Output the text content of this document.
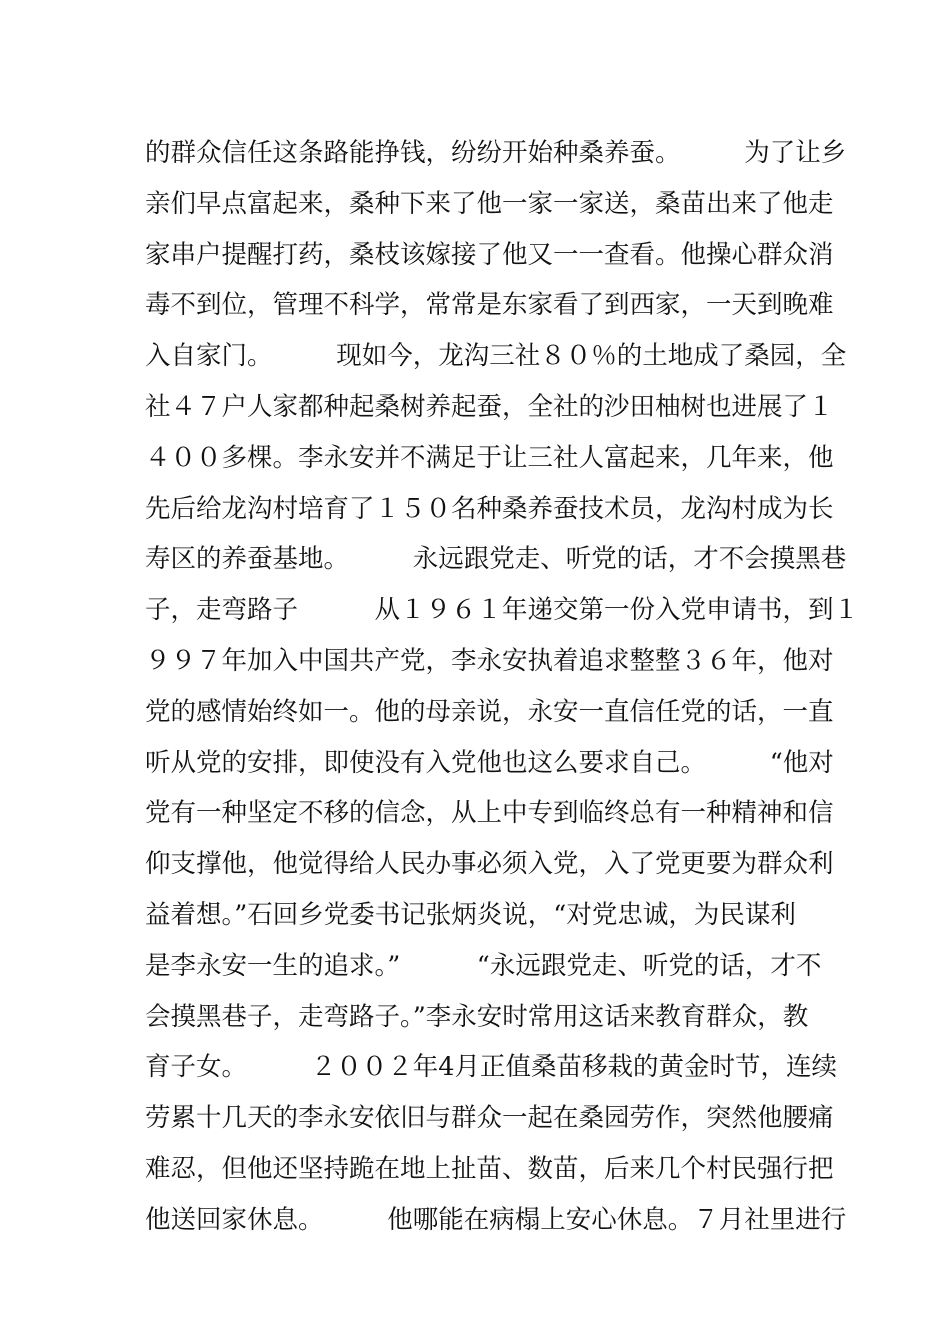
的群众信任这条路能挣钱，纷纷开始种桑养蚕。　　　为了让乡
亲们早点富起来，桑种下来了他一家一家送，桑苗出来了他走
家串户提醒打药，桑枝该嫁接了他又一一查看。他操心群众消
毒不到位，管理不科学，常常是东家看了到西家，一天到晚难
入自家门。　　　现如今，龙沟三社８０％的土地成了桑园，全
社４７户人家都种起桑树养起蚕，全社的沙田柚树也进展了１
４００多棵。李永安并不满足于让三社人富起来，几年来，他
先后给龙沟村培育了１５０名种桑养蚕技术员，龙沟村成为长
寿区的养蚕基地。　　　永远跟党走、听党的话，才不会摸黑巷
子，走弯路子　　　从１９６１年递交第一份入党申请书，到１
９９７年加入中国共产党，李永安执着追求整整３６年，他对
党的感情始终如一。他的母亲说，永安一直信任党的话，一直
听从党的安排，即使没有入党他也这么要求自己。　　　“他对
党有一种坚定不移的信念，从上中专到临终总有一种精神和信
仰支撑他，他觉得给人民办事必须入党，入了党更要为群众利
益着想。”石回乡党委书记张炳炎说，“对党忠诚，为民谋利
是李永安一生的追求。”　　　“永远跟党走、听党的话，才不
会摸黑巷子，走弯路子。”李永安时常用这话来教育群众，教
育子女。　　　２００２年4月正值桑苗移栽的黄金时节，连续
劳累十几天的李永安依旧与群众一起在桑园劳作，突然他腰痛
难忍，但他还坚持跪在地上扯苗、数苗，后来几个村民强行把
他送回家休息。　　　他哪能在病榻上安心休息。７月社里进行
